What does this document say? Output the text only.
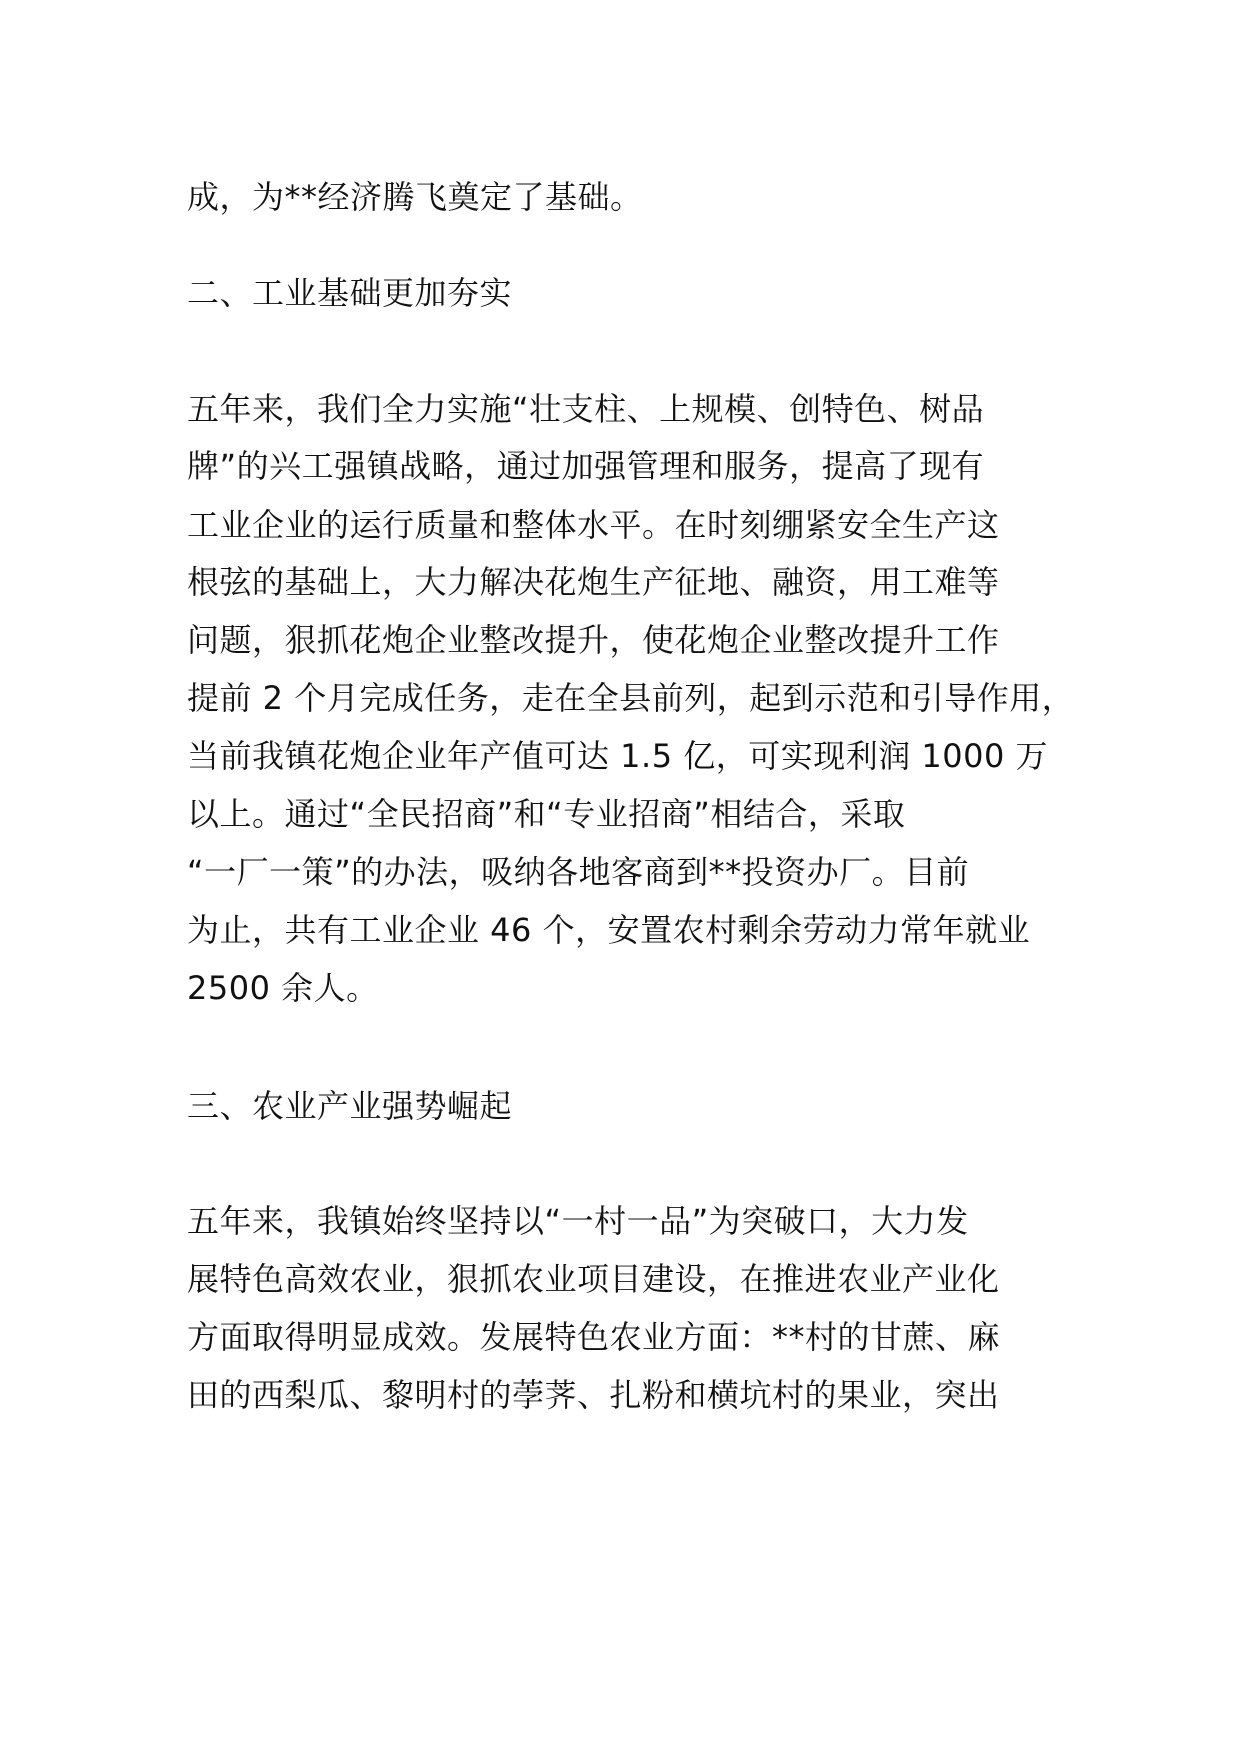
成，为**经济腾飞奠定了基础。
二、工业基础更加夯实
五年来，我们全力实施“壮支柱、上规模、创特色、树品
牌”的兴工强镇战略，通过加强管理和服务，提高了现有
工业企业的运行质量和整体水平。在时刻绷紧安全生产这
根弦的基础上，大力解决花炮生产征地、融资，用工难等
问题，狠抓花炮企业整改提升，使花炮企业整改提升工作
提前 2 个月完成任务，走在全县前列，起到示范和引导作用，
当前我镇花炮企业年产值可达 1.5 亿，可实现利润 1000 万
以上。通过“全民招商”和“专业招商”相结合，采取
“一厂一策”的办法，吸纳各地客商到**投资办厂。目前
为止，共有工业企业 46 个，安置农村剩余劳动力常年就业
2500 余人。
三、农业产业强势崛起
五年来，我镇始终坚持以“一村一品”为突破口，大力发
展特色高效农业，狠抓农业项目建设，在推进农业产业化
方面取得明显成效。发展特色农业方面：**村的甘蔗、麻
田的西梨瓜、黎明村的荸荠、扎粉和横坑村的果业，突出
